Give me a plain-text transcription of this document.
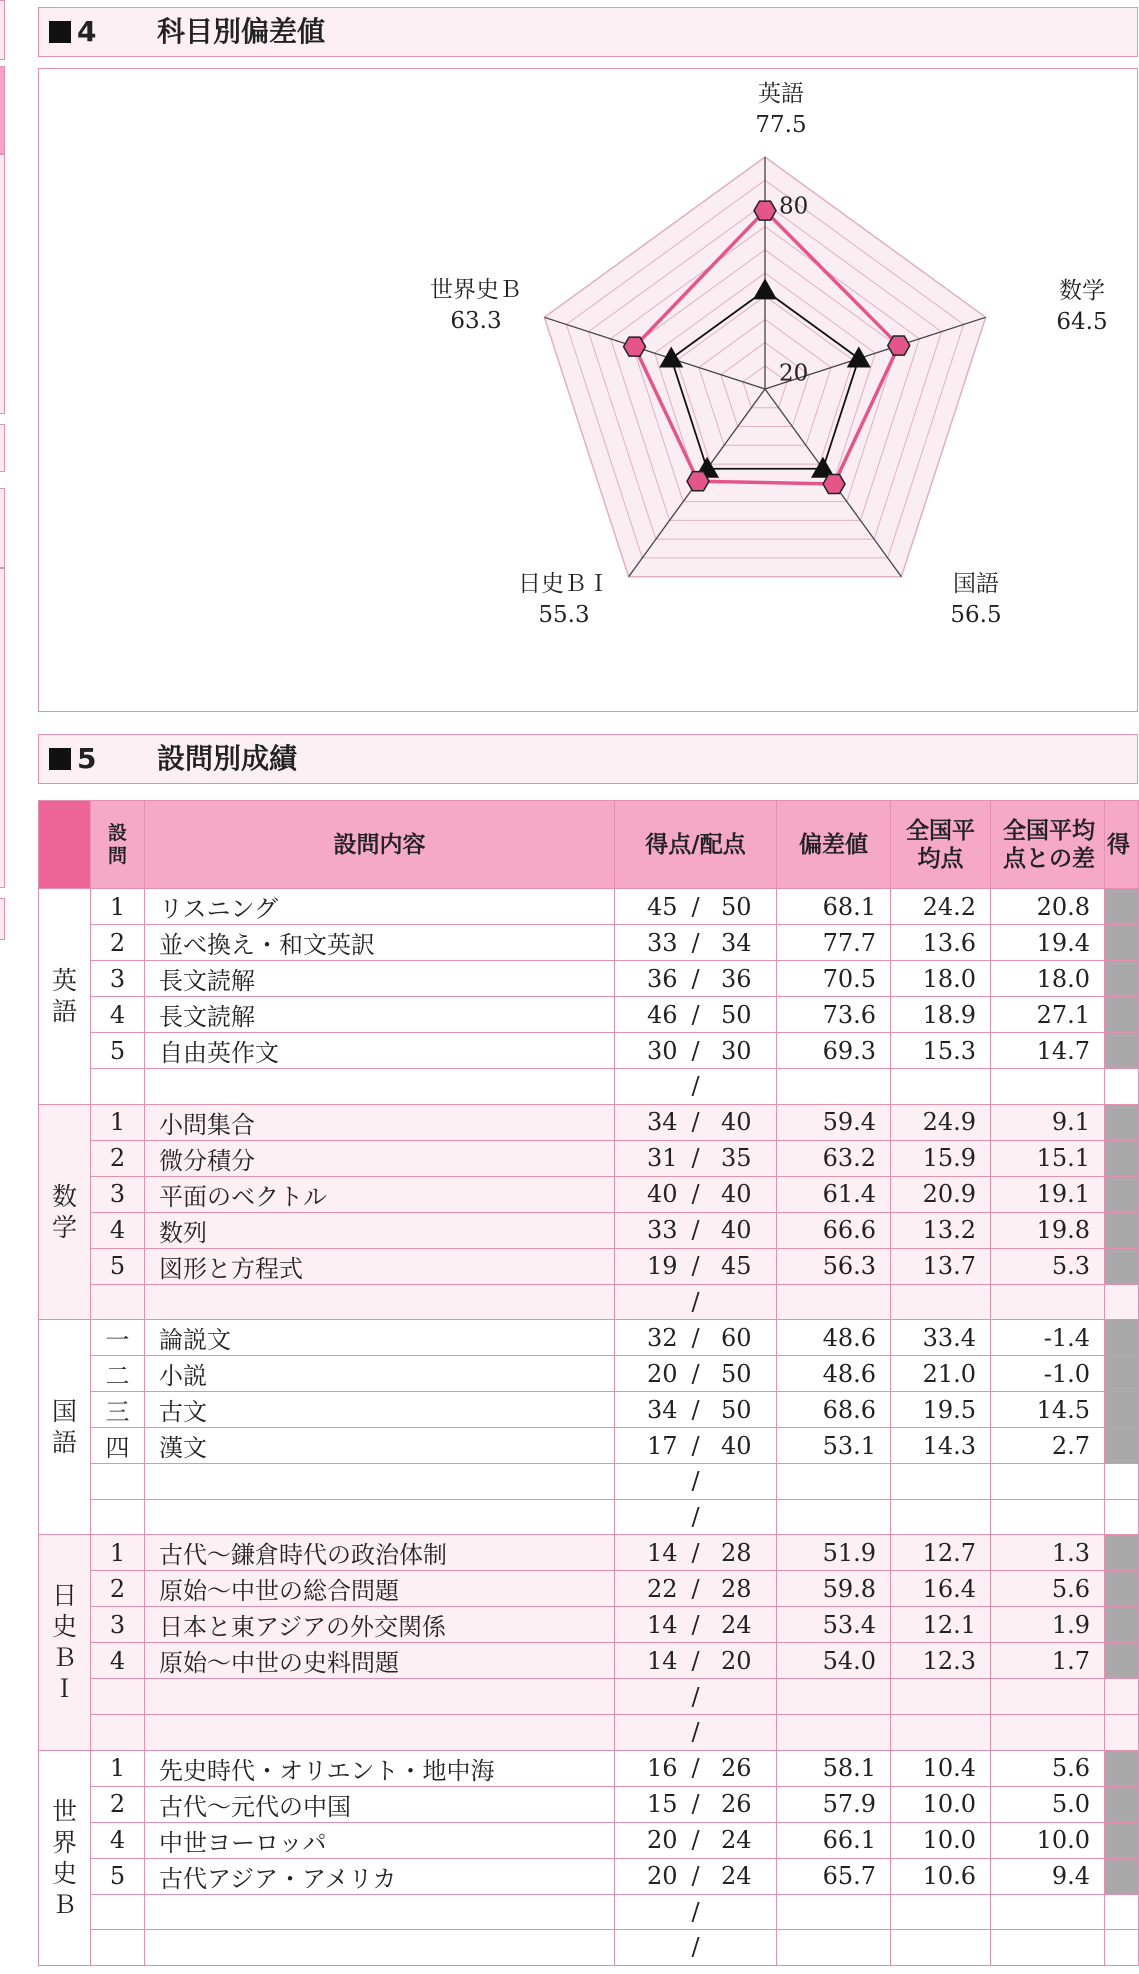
4 科目別偏差値
80
20
英語
77.5
数学
64.5
国語
56.5
日史ＢＩ
55.3
世界史Ｂ
63.3
5 設問別成績
	設問	設問内容	得点/配点	偏差値	全国平均点	全国平均点との差	得
英語	1	リスニング	45 / 50	68.1	24.2	20.8	
	2	並べ換え・和文英訳	33 / 34	77.7	13.6	19.4	
	3	長文読解	36 / 36	70.5	18.0	18.0	
	4	長文読解	46 / 50	73.6	18.9	27.1	
	5	自由英作文	30 / 30	69.3	15.3	14.7	
			/				
数学	1	小問集合	34 / 40	59.4	24.9	9.1	
	2	微分積分	31 / 35	63.2	15.9	15.1	
	3	平面のベクトル	40 / 40	61.4	20.9	19.1	
	4	数列	33 / 40	66.6	13.2	19.8	
	5	図形と方程式	19 / 45	56.3	13.7	5.3	
			/				
国語	一	論説文	32 / 60	48.6	33.4	-1.4	
	二	小説	20 / 50	48.6	21.0	-1.0	
	三	古文	34 / 50	68.6	19.5	14.5	
	四	漢文	17 / 40	53.1	14.3	2.7	
			/				
			/				
日史ＢＩ	1	古代～鎌倉時代の政治体制	14 / 28	51.9	12.7	1.3	
	2	原始～中世の総合問題	22 / 28	59.8	16.4	5.6	
	3	日本と東アジアの外交関係	14 / 24	53.4	12.1	1.9	
	4	原始～中世の史料問題	14 / 20	54.0	12.3	1.7	
			/				
			/				
世界史Ｂ	1	先史時代・オリエント・地中海	16 / 26	58.1	10.4	5.6	
	2	古代～元代の中国	15 / 26	57.9	10.0	5.0	
	4	中世ヨーロッパ	20 / 24	66.1	10.0	10.0	
	5	古代アジア・アメリカ	20 / 24	65.7	10.6	9.4	
			/				
			/				
